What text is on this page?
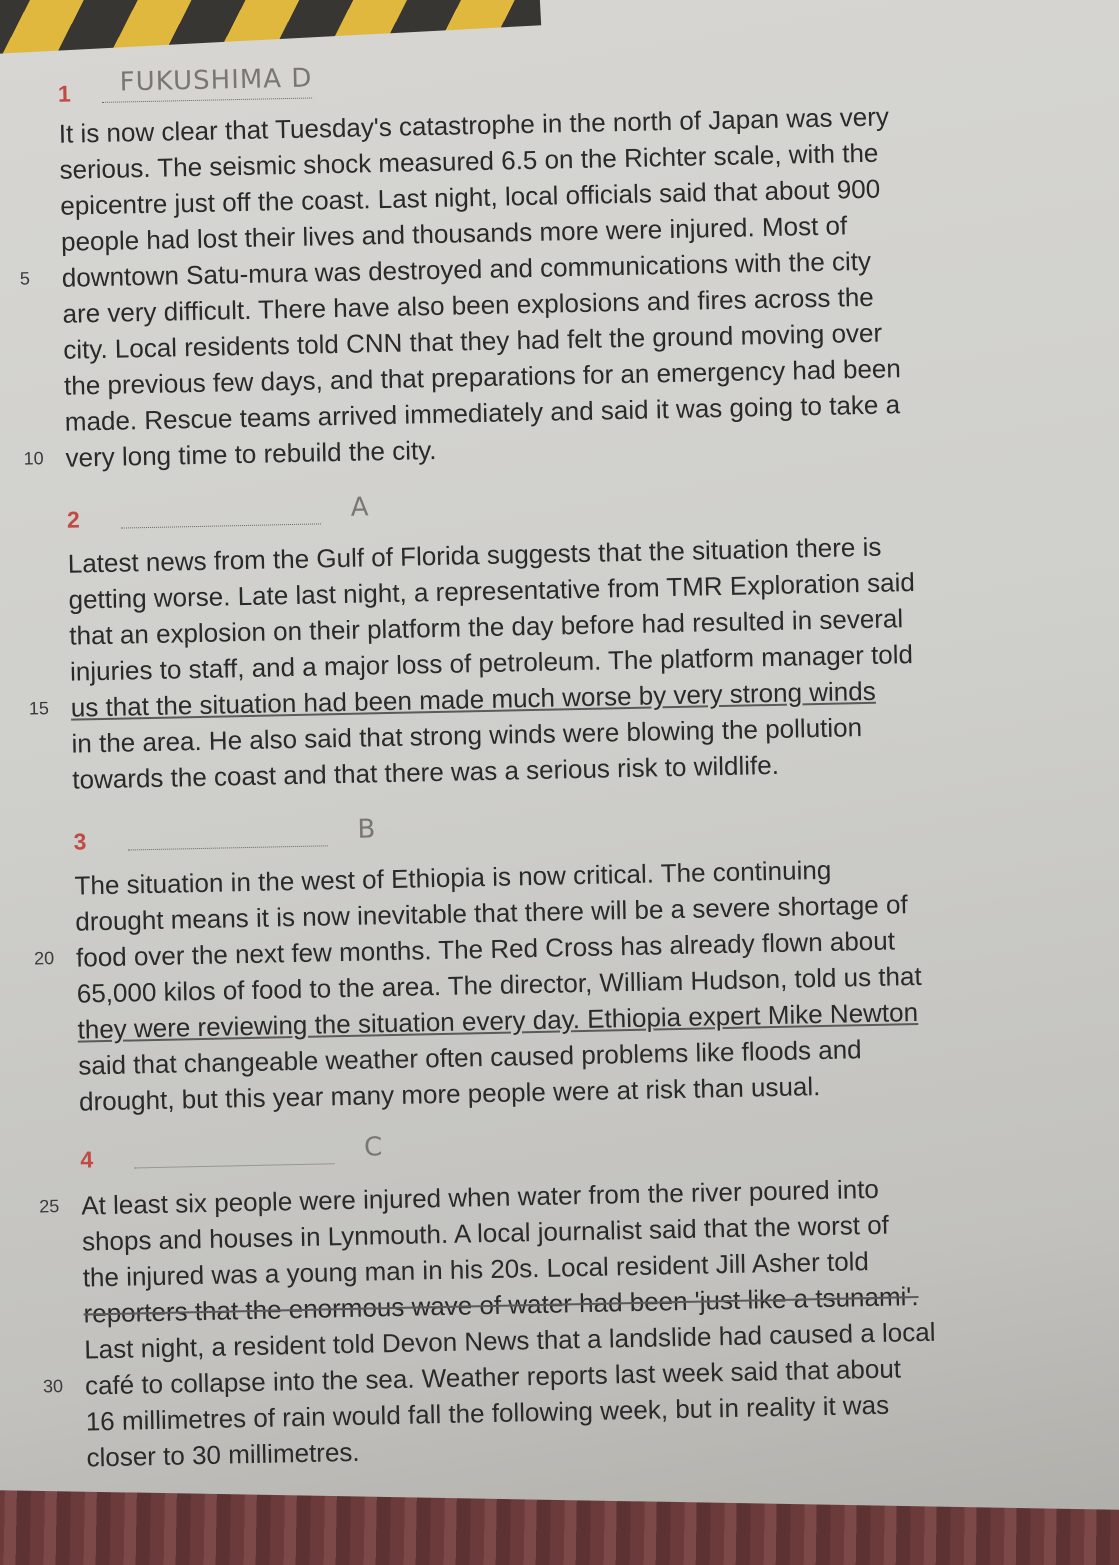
1 FUKUSHIMA D
It is now clear that Tuesday's catastrophe in the north of Japan was very
serious. The seismic shock measured 6.5 on the Richter scale, with the
epicentre just off the coast. Last night, local officials said that about 900
people had lost their lives and thousands more were injured. Most of
5 downtown Satu-mura was destroyed and communications with the city
are very difficult. There have also been explosions and fires across the
city. Local residents told CNN that they had felt the ground moving over
the previous few days, and that preparations for an emergency had been
made. Rescue teams arrived immediately and said it was going to take a
10 very long time to rebuild the city.
2	A
Latest news from the Gulf of Florida suggests that the situation there is
getting worse. Late last night, a representative from TMR Exploration said
that an explosion on their platform the day before had resulted in several
injuries to staff, and a major loss of petroleum. The platform manager told
15 us that the situation had been made much worse by very strong winds
in the area. He also said that strong winds were blowing the pollution
towards the coast and that there was a serious risk to wildlife.
3	B
The situation in the west of Ethiopia is now critical. The continuing
drought means it is now inevitable that there will be a severe shortage of
20 food over the next few months. The Red Cross has already flown about
65,000 kilos of food to the area. The director, William Hudson, told us that
they were reviewing the situation every day. Ethiopia expert Mike Newton
said that changeable weather often caused problems like floods and
drought, but this year many more people were at risk than usual.
4	C
25 At least six people were injured when water from the river poured into
shops and houses in Lynmouth. A local journalist said that the worst of
the injured was a young man in his 20s. Local resident Jill Asher told
reporters that the enormous wave of water had been 'just like a tsunami'.
Last night, a resident told Devon News that a landslide had caused a local
30 café to collapse into the sea. Weather reports last week said that about
16 millimetres of rain would fall the following week, but in reality it was
closer to 30 millimetres.
